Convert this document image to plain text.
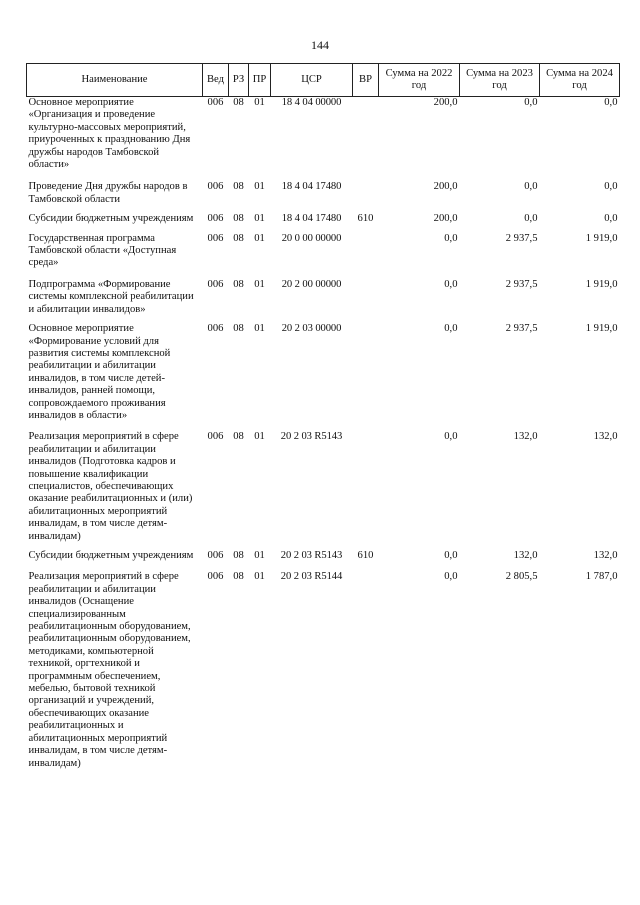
144
Наименование	Вед	РЗ	ПР	ЦСР	ВР	Сумма на 2022 год	Сумма на 2023 год	Сумма на 2024 год
Основное мероприятие «Организация и проведение культурно-массовых мероприятий, приуроченных к празднованию Дня дружбы народов Тамбовской области»	006	08	01	18 4 04 00000		200,0	0,0	0,0
Проведение Дня дружбы народов в Тамбовской области	006	08	01	18 4 04 17480		200,0	0,0	0,0
Субсидии бюджетным учреждениям	006	08	01	18 4 04 17480	610	200,0	0,0	0,0
Государственная программа Тамбовской области «Доступная среда»	006	08	01	20 0 00 00000		0,0	2 937,5	1 919,0
Подпрограмма «Формирование системы комплексной реабилитации и абилитации инвалидов»	006	08	01	20 2 00 00000		0,0	2 937,5	1 919,0
Основное мероприятие «Формирование условий для развития системы комплексной реабилитации и абилитации инвалидов, в том числе детей-инвалидов, ранней помощи, сопровождаемого проживания инвалидов в области»	006	08	01	20 2 03 00000		0,0	2 937,5	1 919,0
Реализация мероприятий в сфере реабилитации и абилитации инвалидов (Подготовка кадров и повышение квалификации специалистов, обеспечивающих оказание реабилитационных и (или) абилитационных мероприятий инвалидам, в том числе детям-инвалидам)	006	08	01	20 2 03 R5143		0,0	132,0	132,0
Субсидии бюджетным учреждениям	006	08	01	20 2 03 R5143	610	0,0	132,0	132,0
Реализация мероприятий в сфере реабилитации и абилитации инвалидов (Оснащение специализированным реабилитационным оборудованием, реабилитационным оборудованием, методиками, компьютерной техникой, оргтехникой и программным обеспечением, мебелью, бытовой техникой организаций и учреждений, обеспечивающих оказание реабилитационных и абилитационных мероприятий инвалидам, в том числе детям-инвалидам)	006	08	01	20 2 03 R5144		0,0	2 805,5	1 787,0
